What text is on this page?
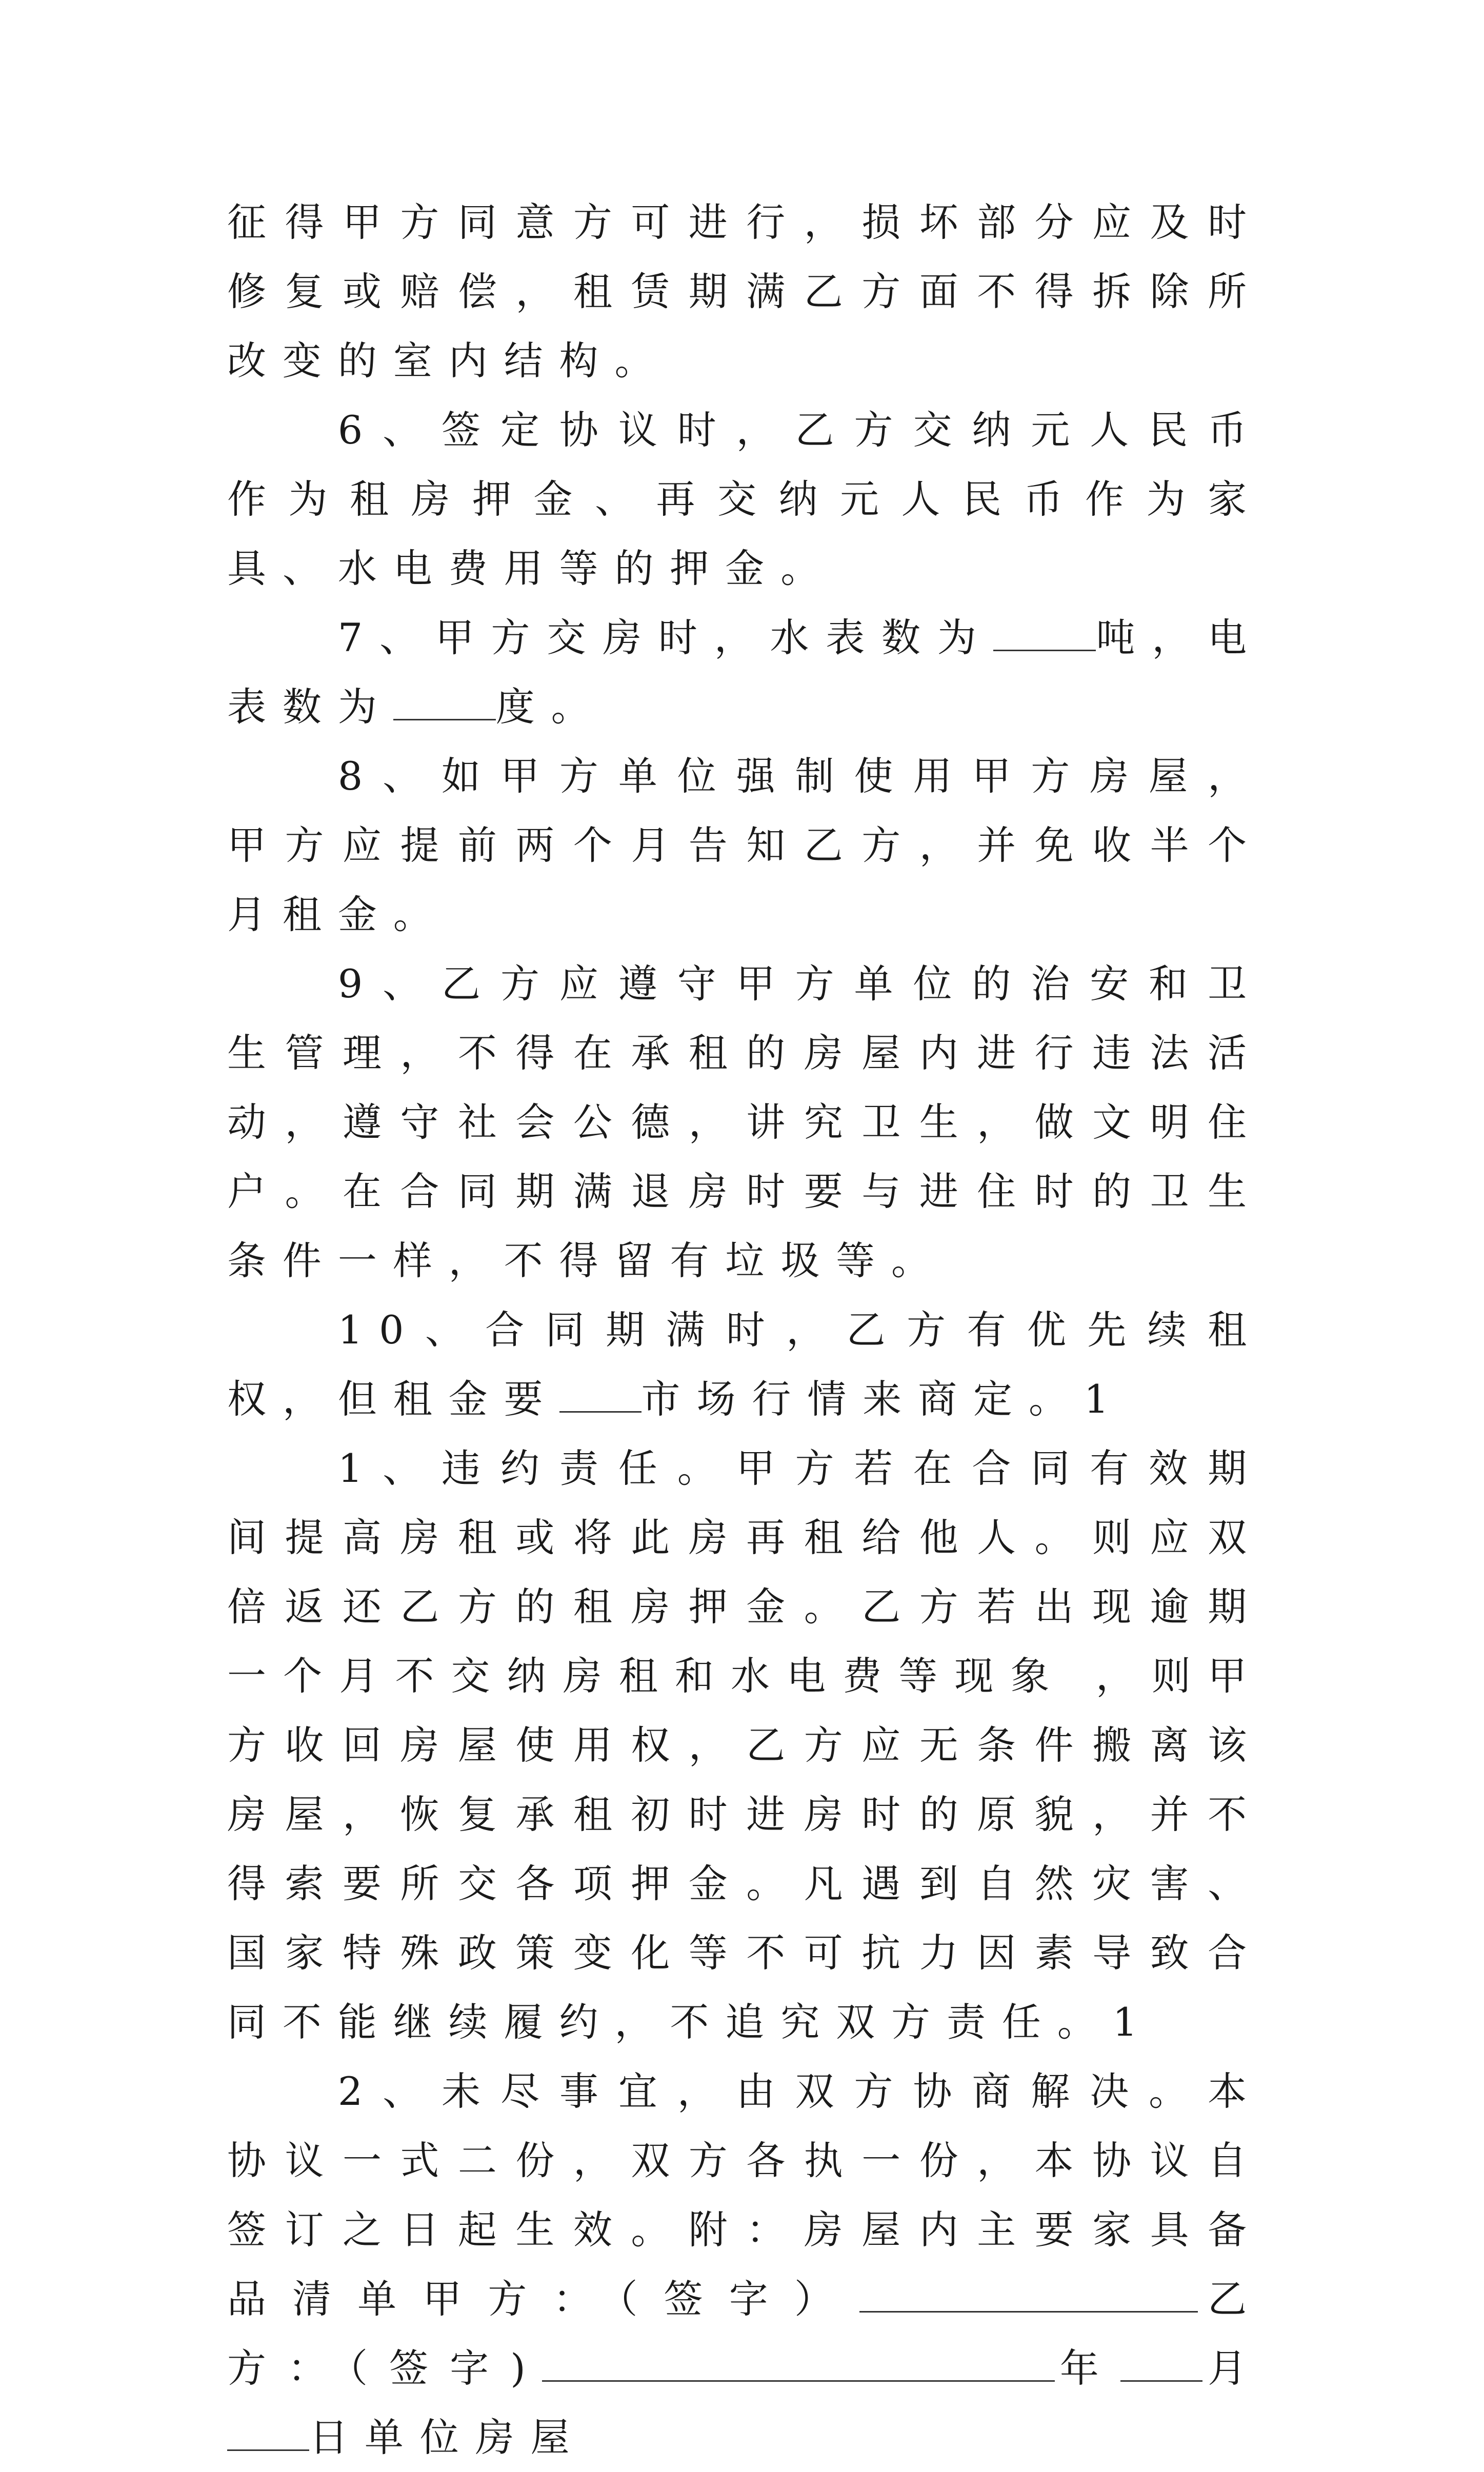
征得甲方同意方可进行，损坏部分应及时修复或赔偿，租赁期满乙方面不得拆除所改变的室内结构。

6、签定协议时，乙方交纳元人民币作为租房押金、再交纳元人民币作为家具、水电费用等的押金。

7、甲方交房时，水表数为	吨，电表数为	度。

8、如甲方单位强制使用甲方房屋，甲方应提前两个月告知乙方，并免收半个月租金。

9、乙方应遵守甲方单位的治安和卫生管理，不得在承租的房屋内进行违法活动，遵守社会公德，讲究卫生，做文明住户。在合同期满退房时要与进住时的卫生条件一样，不得留有垃圾等。

10、合同期满时，乙方有优先续租权，但租金要 市场行情来商定。1

1、违约责任。甲方若在合同有效期间提高房租或将此房再租给他人。则应双倍返还乙方的租房押金。乙方若出现逾期一个月不交纳房租和水电费等现象 ，则甲方收回房屋使用权，乙方应无条件搬离该房屋，恢复承租初时进房时的原貌，并不得索要所交各项押金。凡遇到自然灾害、国家特殊政策变化等不可抗力因素导致合同不能继续履约，不追究双方责任。1

2、未尽事宜，由双方协商解决。本协议一式二份，双方各执一份，本协议自签订之日起生效。附：房屋内主要家具备品清单甲方：（签字）	乙方：（签字)	年 月日单位房屋
